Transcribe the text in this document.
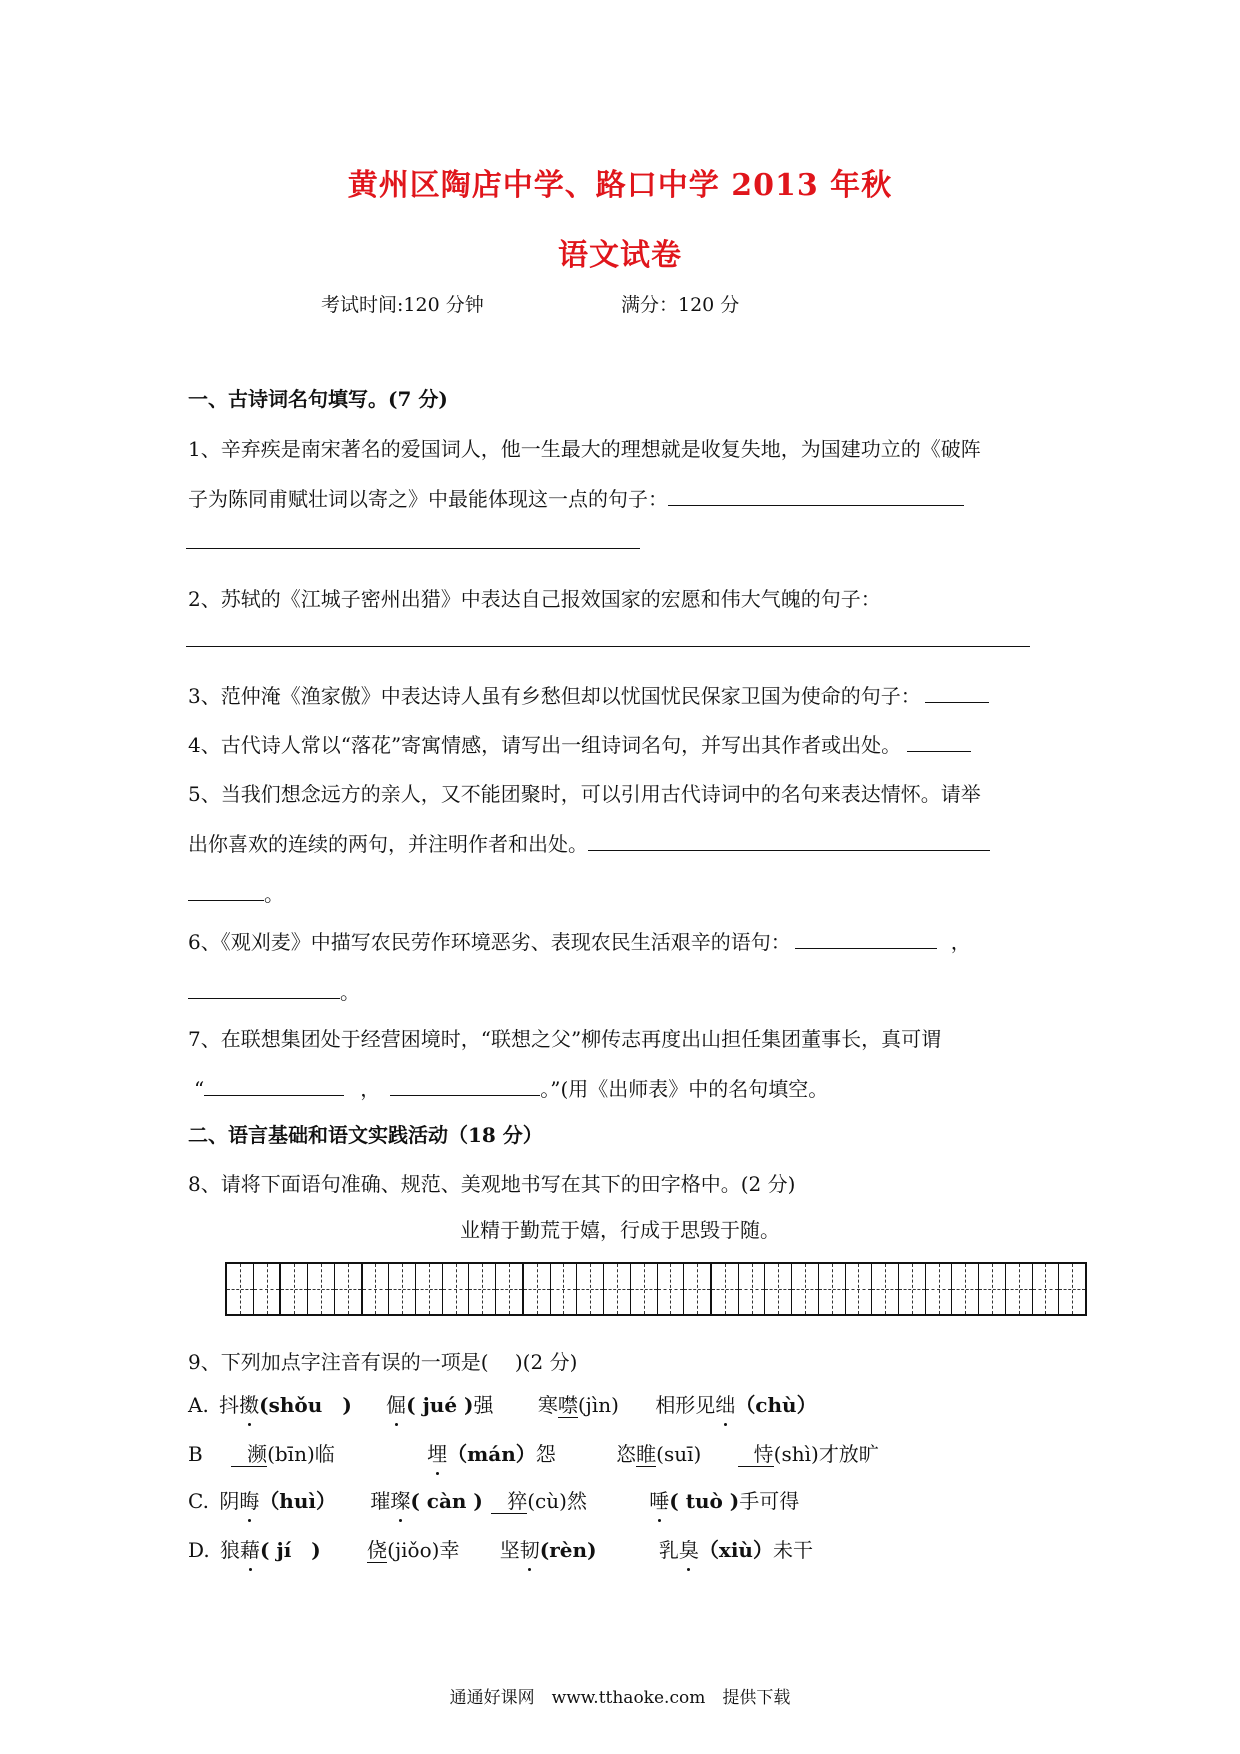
黄州区陶店中学、路口中学 2013 年秋
语文试卷
考试时间:120 分钟	满分：120 分
一、古诗词名句填写。(7 分)
1、辛弃疾是南宋著名的爱国词人，他一生最大的理想就是收复失地，为国建功立的《破阵
子为陈同甫赋壮词以寄之》中最能体现这一点的句子：
2、苏轼的《江城子密州出猎》中表达自己报效国家的宏愿和伟大气魄的句子：
3、范仲淹《渔家傲》中表达诗人虽有乡愁但却以忧国忧民保家卫国为使命的句子：
4、古代诗人常以“落花”寄寓情感，请写出一组诗词名句，并写出其作者或出处。
5、当我们想念远方的亲人，又不能团聚时，可以引用古代诗词中的名句来表达情怀。请举
出你喜欢的连续的两句，并注明作者和出处。
。
6、《观刈麦》中描写农民劳作环境恶劣、表现农民生活艰辛的语句：	，
。
7、在联想集团处于经营困境时，“联想之父”柳传志再度出山担任集团董事长，真可谓
“	，	。”(用《出师表》中的名句填空。
二、语言基础和语文实践活动（18 分）
8、请将下面语句准确、规范、美观地书写在其下的田字格中。(2 分)
业精于勤荒于嬉，行成于思毁于随。
9、下列加点字注音有误的一项是(　 )(2 分)
A. 抖擞(shǒu　) 倔( jué )强 寒噤(jìn) 相形见绌（chù）
B 濒(bīn)临	埋（mán）怨	恣睢(suī)	恃(shì)才放旷
C. 阴晦（huì） 璀璨( càn ) 猝(cù)然	唾( tuò )手可得
D. 狼藉( jí　) 侥(jiǒo)幸 坚韧(rèn)	乳臭（xiù）未干
通通好课网　www.tthaoke.com　提供下载
